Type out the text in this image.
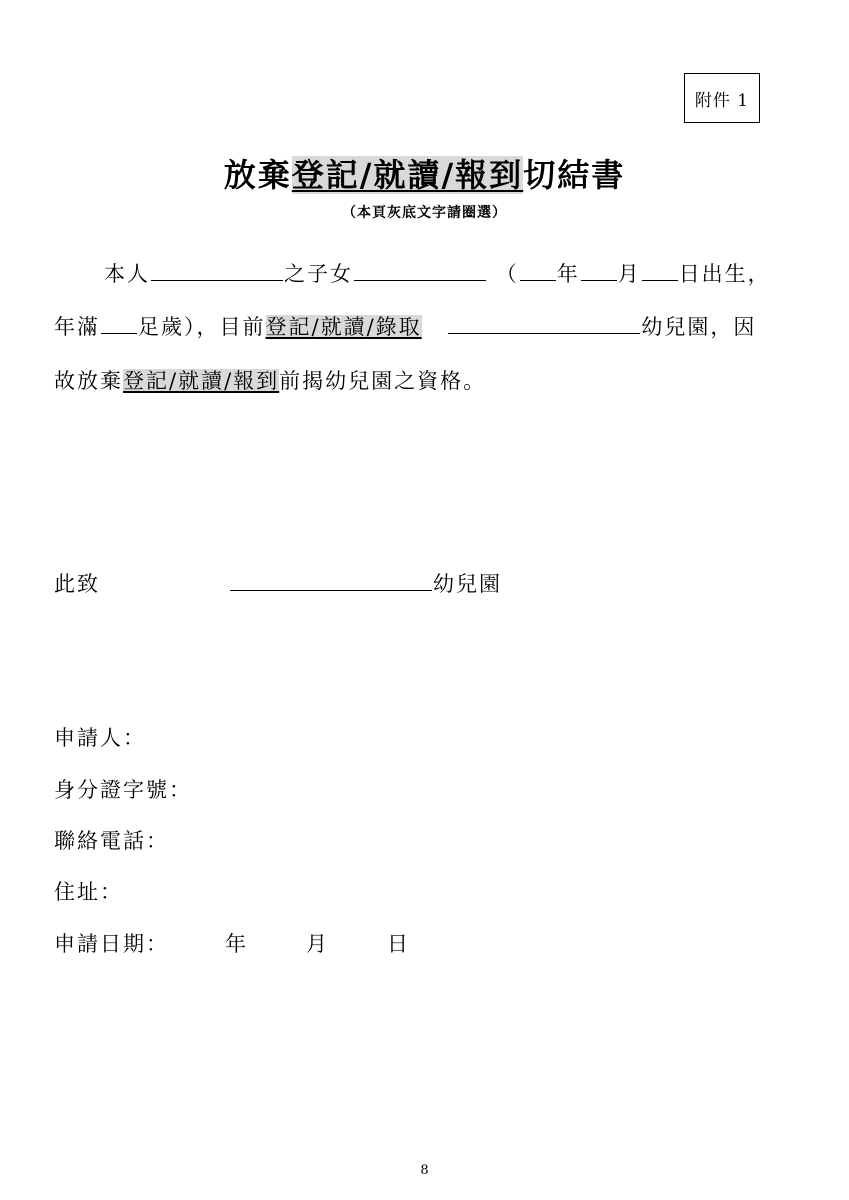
附件 1
放棄登記/就讀/報到切結書
（本頁灰底文字請圈選）
本人	之子女	（ 年 月 日出生，
年滿 足歲），目前登記/就讀/錄取	幼兒園，因
故放棄登記/就讀/報到前揭幼兒園之資格。
此致	幼兒園
申請人：
身分證字號：
聯絡電話：
住址：
申請日期：	年	月	日
8
